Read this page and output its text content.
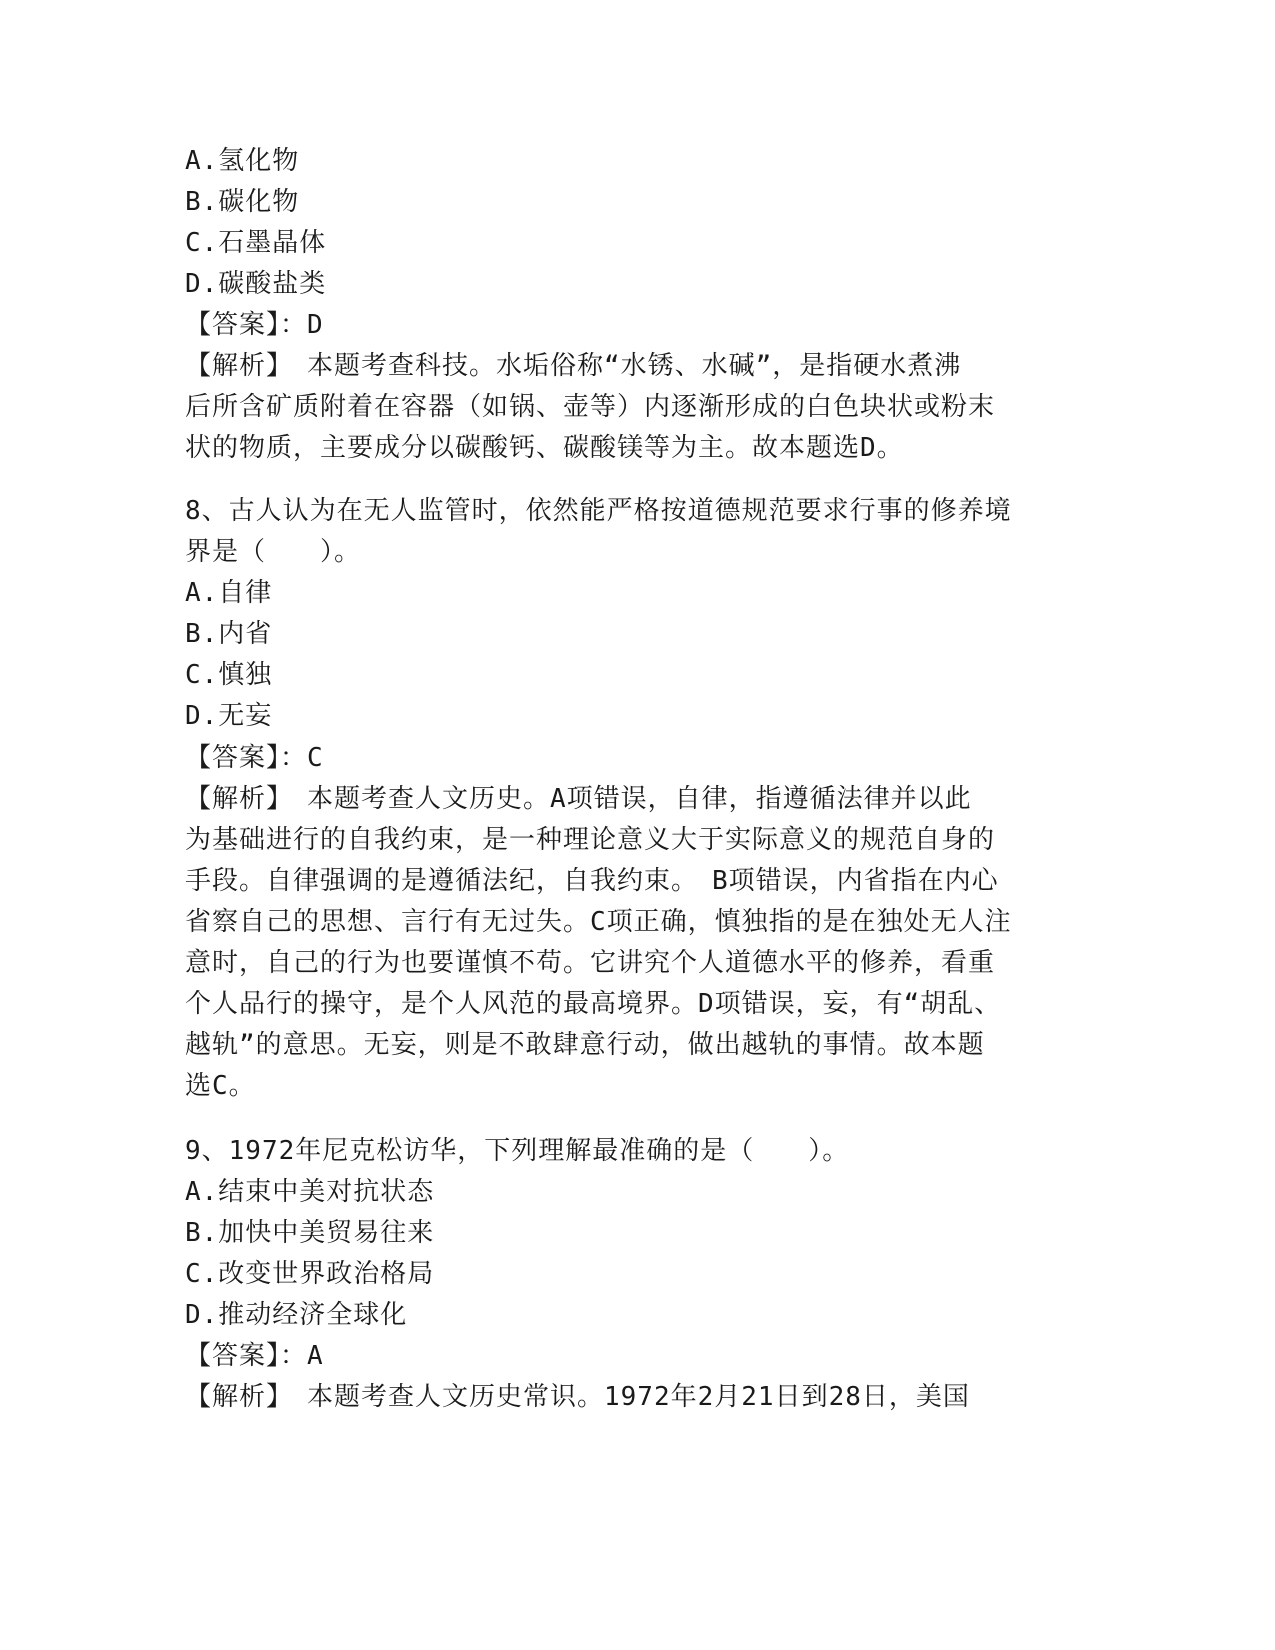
A.氢化物
B.碳化物
C.石墨晶体
D.碳酸盐类
【答案】：D
【解析】　本题考查科技。水垢俗称“水锈、水碱”，是指硬水煮沸
后所含矿质附着在容器（如锅、壶等）内逐渐形成的白色块状或粉末
状的物质，主要成分以碳酸钙、碳酸镁等为主。故本题选D。
8、古人认为在无人监管时，依然能严格按道德规范要求行事的修养境
界是（　　）。
A.自律
B.内省
C.慎独
D.无妄
【答案】：C
【解析】　本题考查人文历史。A项错误，自律，指遵循法律并以此
为基础进行的自我约束，是一种理论意义大于实际意义的规范自身的
手段。自律强调的是遵循法纪，自我约束。　B项错误，内省指在内心
省察自己的思想、言行有无过失。C项正确，慎独指的是在独处无人注
意时，自己的行为也要谨慎不苟。它讲究个人道德水平的修养，看重
个人品行的操守，是个人风范的最高境界。D项错误，妄，有“胡乱、
越轨”的意思。无妄，则是不敢肆意行动，做出越轨的事情。故本题
选C。
9、1972年尼克松访华，下列理解最准确的是（　　）。
A.结束中美对抗状态
B.加快中美贸易往来
C.改变世界政治格局
D.推动经济全球化
【答案】：A
【解析】　本题考查人文历史常识。1972年2月21日到28日，美国
